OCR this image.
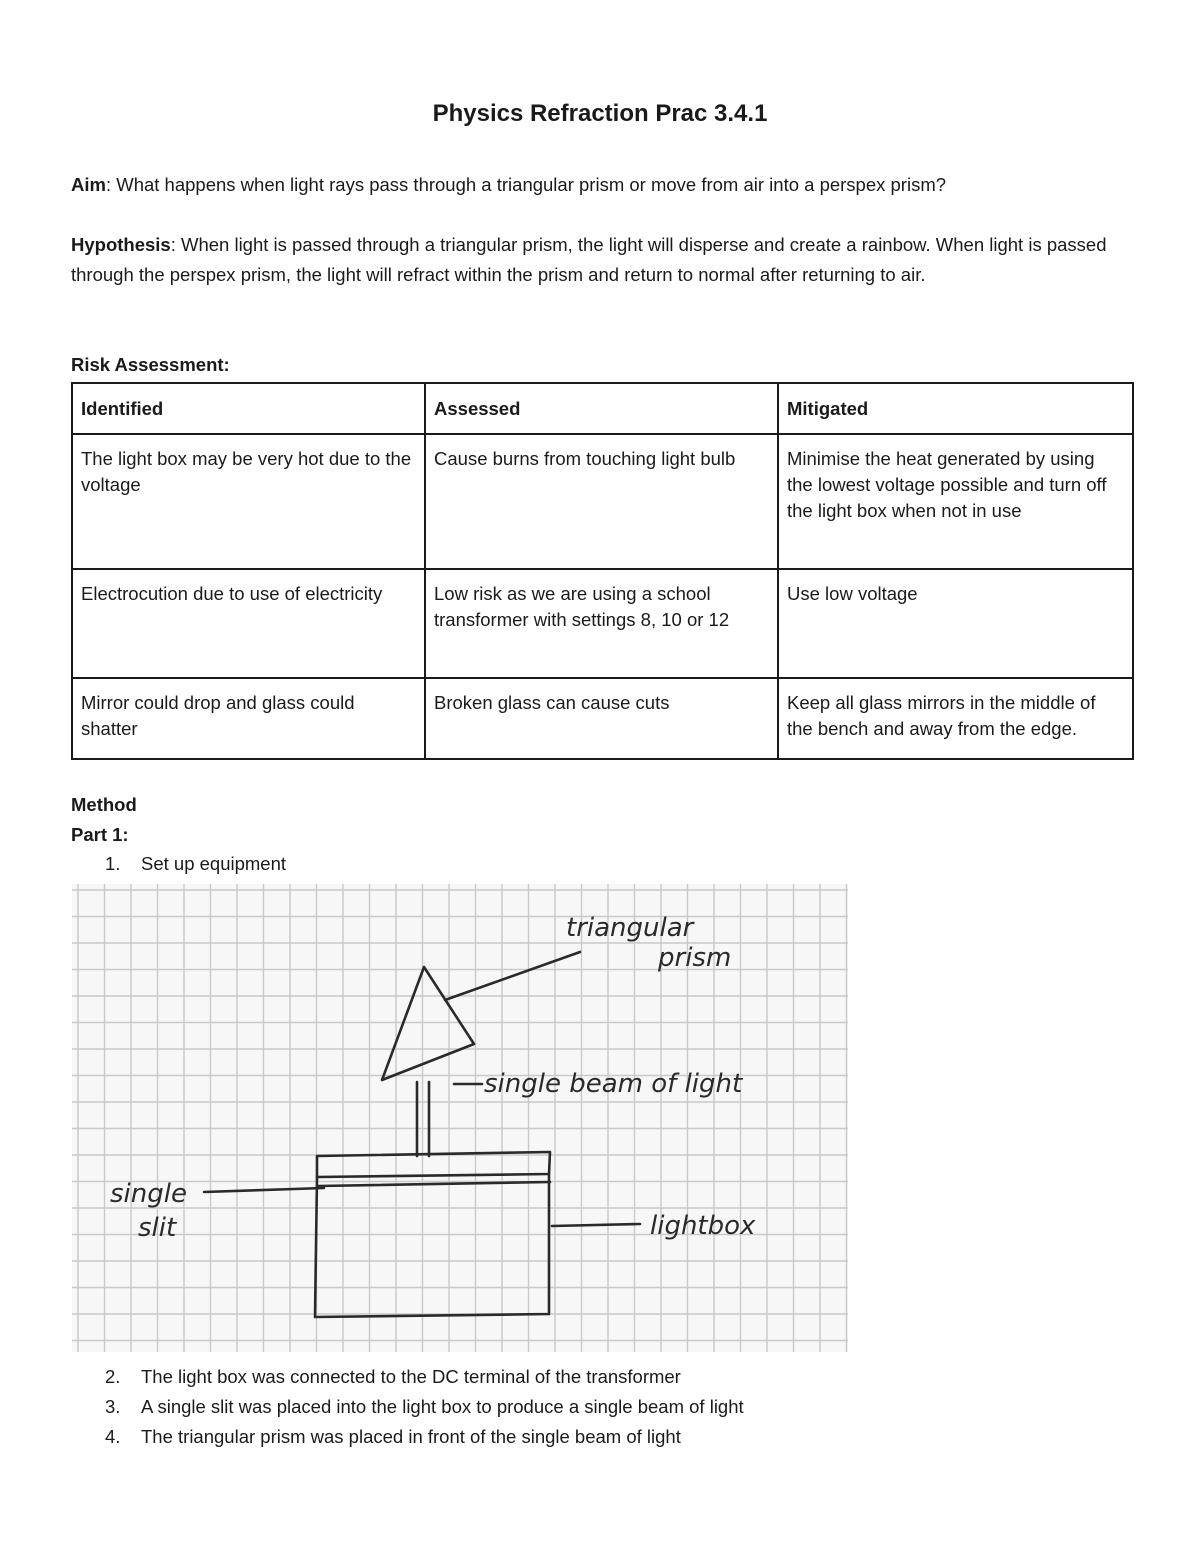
Physics Refraction Prac 3.4.1

Aim: What happens when light rays pass through a triangular prism or move from air into a perspex prism?

Hypothesis: When light is passed through a triangular prism, the light will disperse and create a rainbow. When light is passed through the perspex prism, the light will refract within the prism and return to normal after returning to air.

Risk Assessment:

Identified	Assessed	Mitigated
The light box may be very hot due to the voltage	Cause burns from touching light bulb	Minimise the heat generated by using the lowest voltage possible and turn off the light box when not in use
Electrocution due to use of electricity	Low risk as we are using a school transformer with settings 8, 10 or 12	Use low voltage
Mirror could drop and glass could shatter	Broken glass can cause cuts	Keep all glass mirrors in the middle of the bench and away from the edge.

Method

Part 1:

1. Set up equipment
triangular
prism
single beam of light
single
slit	lightbox
2. The light box was connected to the DC terminal of the transformer
3. A single slit was placed into the light box to produce a single beam of light
4. The triangular prism was placed in front of the single beam of light
